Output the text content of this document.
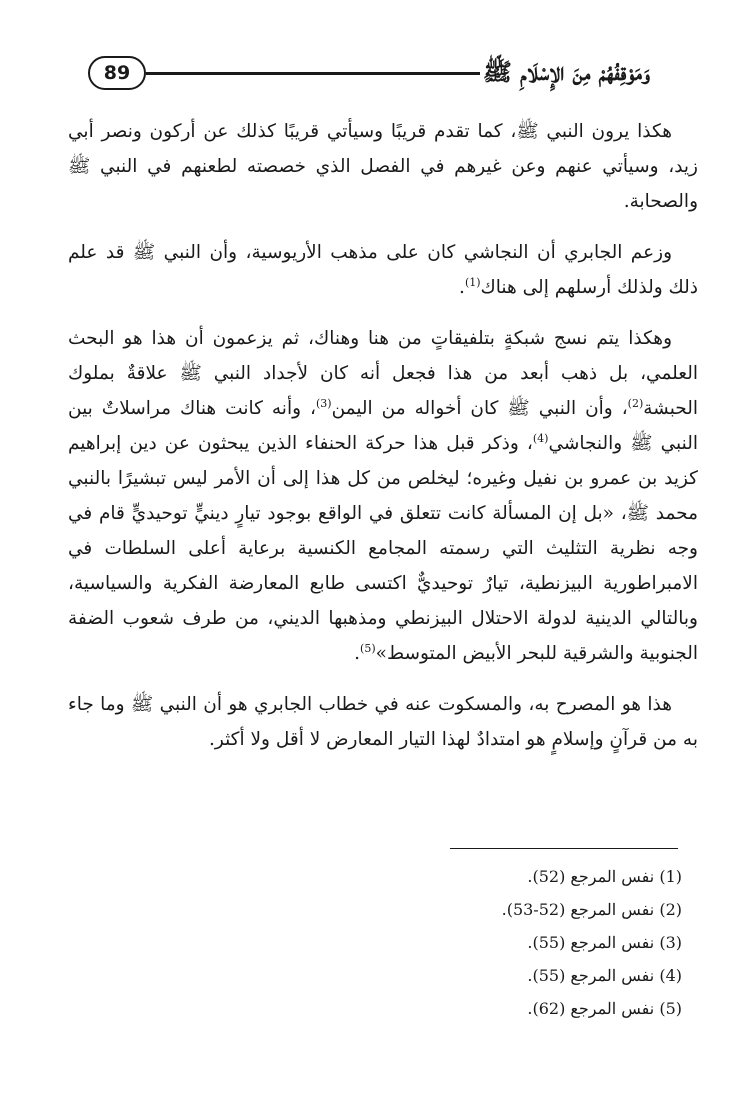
89	وَمَوْقِفُهُمْ مِنَ الإِسْلَامِ ﷺ

هكذا يرون النبي ﷺ، كما تقدم قريبًا وسيأتي قريبًا كذلك عن أركون ونصر أبي زيد، وسيأتي عنهم وعن غيرهم في الفصل الذي خصصته لطعنهم في النبي ﷺ والصحابة.

وزعم الجابري أن النجاشي كان على مذهب الأريوسية، وأن النبي ﷺ قد علم ذلك ولذلك أرسلهم إلى هناك$^{(1)}$.

وهكذا يتم نسج شبكةٍ بتلفيقاتٍ من هنا وهناك، ثم يزعمون أن هذا هو البحث العلمي، بل ذهب أبعد من هذا فجعل أنه كان لأجداد النبي ﷺ علاقةٌ بملوك الحبشة$^{(2)}$، وأن النبي ﷺ كان أخواله من اليمن$^{(3)}$، وأنه كانت هناك مراسلاتٌ بين النبي ﷺ والنجاشي$^{(4)}$، وذكر قبل هذا حركة الحنفاء الذين يبحثون عن دين إبراهيم كزيد بن عمرو بن نفيل وغيره؛ ليخلص من كل هذا إلى أن الأمر ليس تبشيرًا بالنبي محمد ﷺ، «بل إن المسألة كانت تتعلق في الواقع بوجود تيارٍ دينيٍّ توحيديٍّ قام في وجه نظرية التثليث التي رسمته المجامع الكنسية برعاية أعلى السلطات في الامبراطورية البيزنطية، تيارٌ توحيديٌّ اكتسى طابع المعارضة الفكرية والسياسية، وبالتالي الدينية لدولة الاحتلال البيزنطي ومذهبها الديني، من طرف شعوب الضفة الجنوبية والشرقية للبحر الأبيض المتوسط»$^{(5)}$.

هذا هو المصرح به، والمسكوت عنه في خطاب الجابري هو أن النبي ﷺ وما جاء به من قرآنٍ وإسلامٍ هو امتدادٌ لهذا التيار المعارض لا أقل ولا أكثر.

(1) نفس المرجع (52).
(2) نفس المرجع (52-53).
(3) نفس المرجع (55).
(4) نفس المرجع (55).
(5) نفس المرجع (62).
